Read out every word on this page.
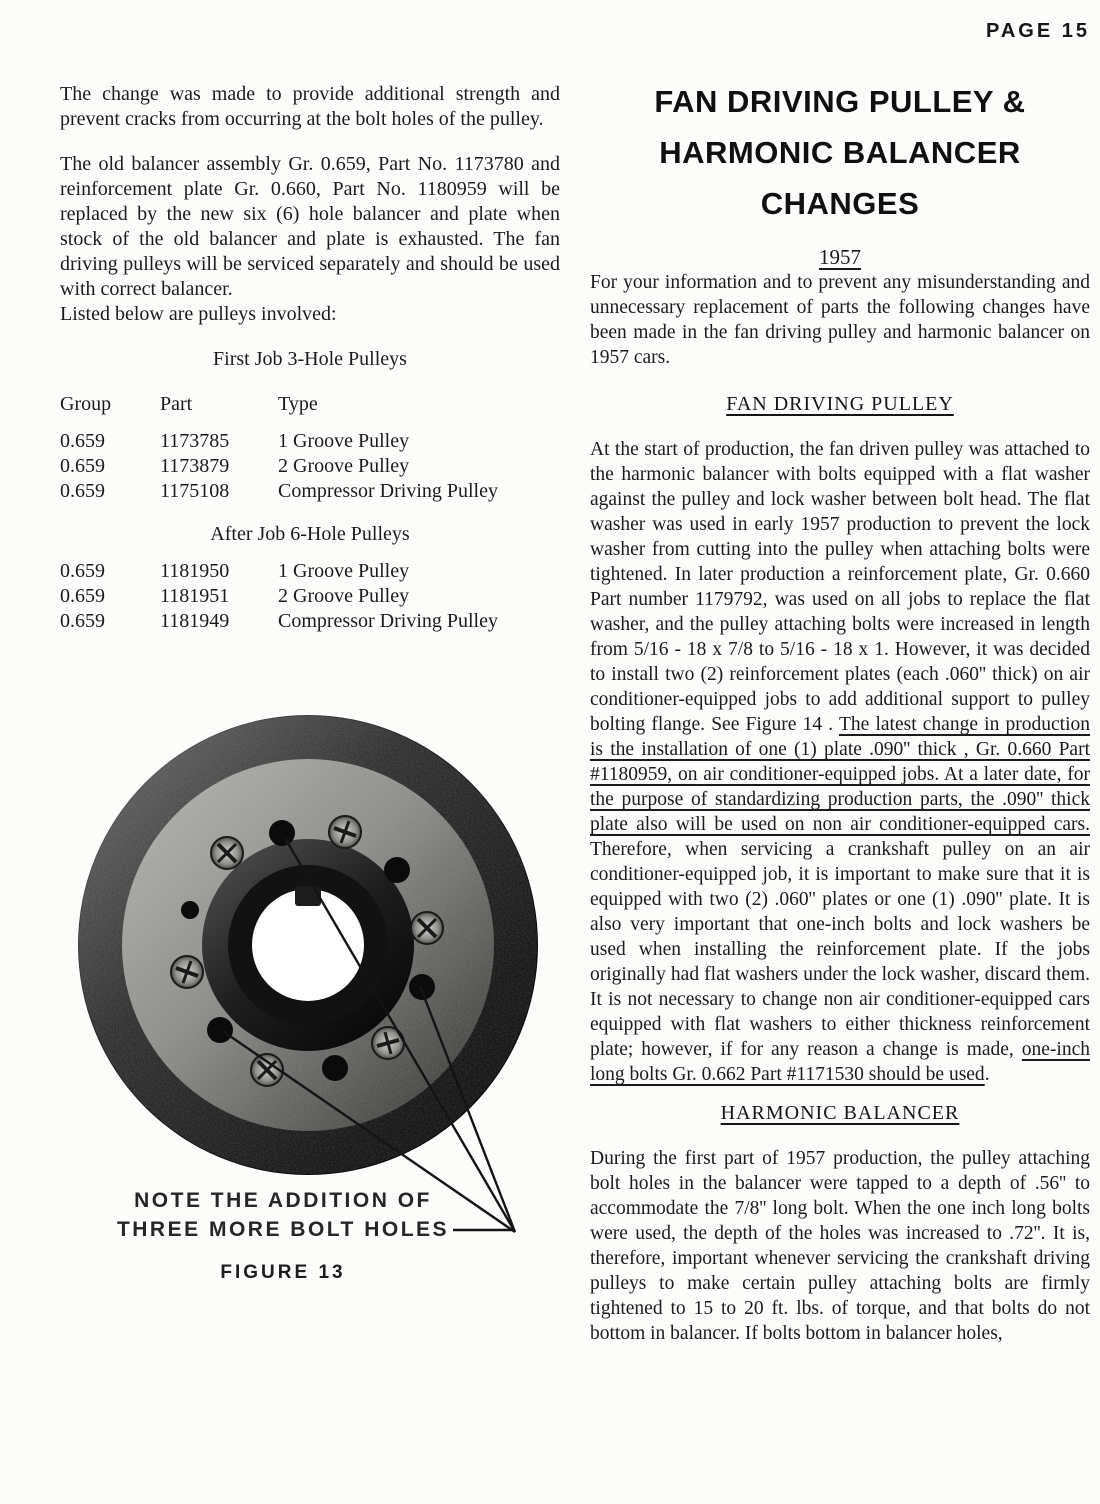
PAGE 15

The change was made to provide additional strength and prevent cracks from occurring at the bolt holes of the pulley.

The old balancer assembly Gr. 0.659, Part No. 1173780 and reinforcement plate Gr. 0.660, Part No. 1180959 will be replaced by the new six (6) hole balancer and plate when stock of the old balancer and plate is exhausted. The fan driving pulleys will be serviced separately and should be used with correct balancer.

Listed below are pulleys involved:

First Job 3-Hole Pulleys
Group	Part	Type
0.659	1173785	1 Groove Pulley
0.659	1173879	2 Groove Pulley
0.659	1175108	Compressor Driving Pulley
After Job 6-Hole Pulleys
0.659	1181950	1 Groove Pulley
0.659	1181951	2 Groove Pulley
0.659	1181949	Compressor Driving Pulley
NOTE THE ADDITION OF
THREE MORE BOLT HOLES
FIGURE 13
FAN DRIVING PULLEY &
HARMONIC BALANCER CHANGES
1957

For your information and to prevent any misunderstanding and unnecessary replacement of parts the following changes have been made in the fan driving pulley and harmonic balancer on 1957 cars.

FAN DRIVING PULLEY

At the start of production, the fan driven pulley was attached to the harmonic balancer with bolts equipped with a flat washer against the pulley and lock washer between bolt head. The flat washer was used in early 1957 production to prevent the lock washer from cutting into the pulley when attaching bolts were tightened. In later production a reinforcement plate, Gr. 0.660 Part number 1179792, was used on all jobs to replace the flat washer, and the pulley attaching bolts were increased in length from 5/16 - 18 x 7/8 to 5/16 - 18 x 1. However, it was decided to install two (2) reinforcement plates (each .060'' thick) on air conditioner-equipped jobs to add additional support to pulley bolting flange. See Figure 14 . The latest change in production is the installation of one (1) plate .090'' thick , Gr. 0.660 Part #1180959, on air conditioner-equipped jobs. At a later date, for the purpose of standardizing production parts, the .090'' thick plate also will be used on non air conditioner-equipped cars. Therefore, when servicing a crankshaft pulley on an air conditioner-equipped job, it is important to make sure that it is equipped with two (2) .060'' plates or one (1) .090'' plate. It is also very important that one-inch bolts and lock washers be used when installing the reinforcement plate. If the jobs originally had flat washers under the lock washer, discard them. It is not necessary to change non air conditioner-equipped cars equipped with flat washers to either thickness reinforcement plate; however, if for any reason a change is made, one-inch long bolts Gr. 0.662 Part #1171530 should be used.

HARMONIC BALANCER

During the first part of 1957 production, the pulley attaching bolt holes in the balancer were tapped to a depth of .56'' to accommodate the 7/8'' long bolt. When the one inch long bolts were used, the depth of the holes was increased to .72''. It is, therefore, important whenever servicing the crankshaft driving pulleys to make certain pulley attaching bolts are firmly tightened to 15 to 20 ft. lbs. of torque, and that bolts do not bottom in balancer. If bolts bottom in balancer holes,
